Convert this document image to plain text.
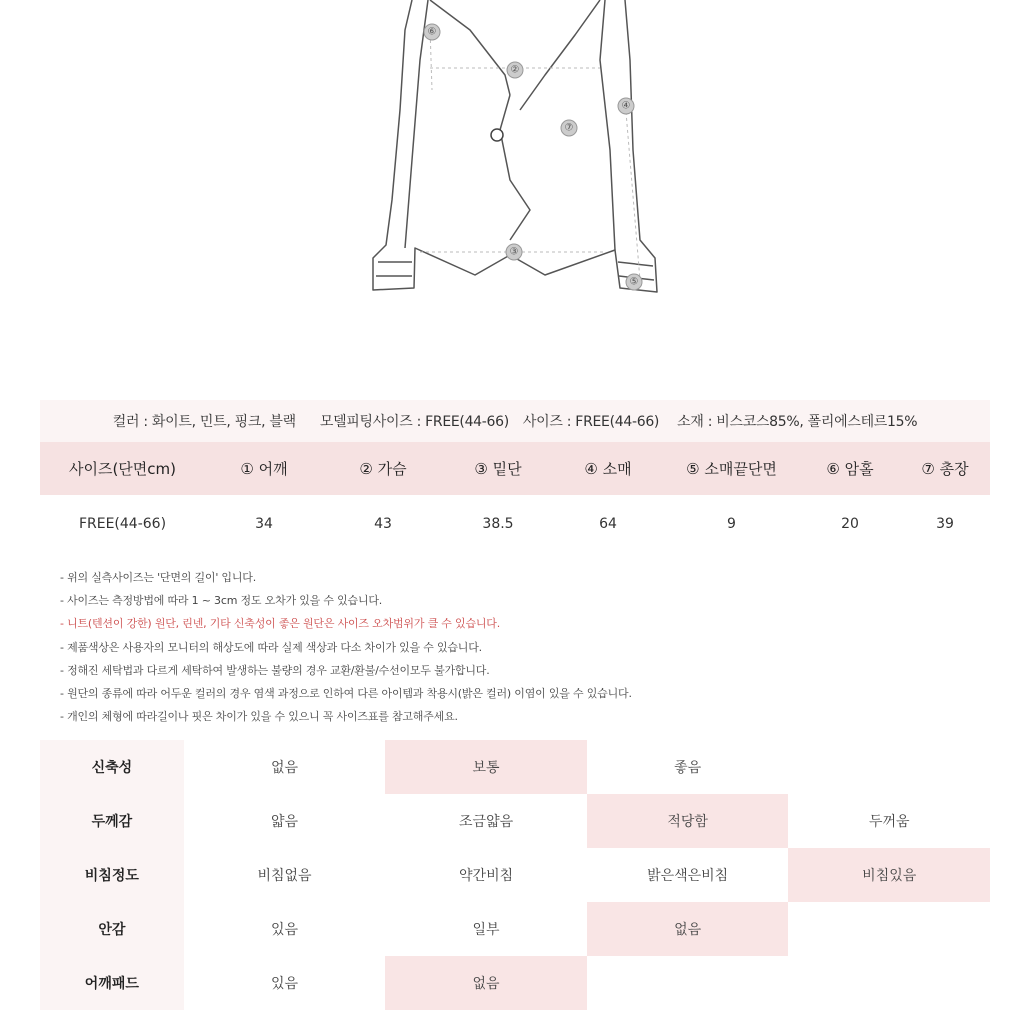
⑥
②
③
④
⑤
⑦
컬러 : 화이트, 민트, 핑크, 블랙 모델피팅사이즈 : FREE(44-66) 사이즈 : FREE(44-66) 소재 : 비스코스85%, 폴리에스테르15%
사이즈(단면cm)	① 어깨	② 가슴	③ 밑단	④ 소매	⑤ 소매끝단면	⑥ 암홀	⑦ 총장
FREE(44-66)	34	43	38.5	64	9	20	39
- 위의 실측사이즈는 '단면의 길이' 입니다.
- 사이즈는 측정방법에 따라 1 ~ 3cm 정도 오차가 있을 수 있습니다.
- 니트(텐션이 강한) 원단, 린넨, 기타 신축성이 좋은 원단은 사이즈 오차범위가 클 수 있습니다.
- 제품색상은 사용자의 모니터의 해상도에 따라 실제 색상과 다소 차이가 있을 수 있습니다.
- 정해진 세탁법과 다르게 세탁하여 발생하는 불량의 경우 교환/환불/수선이모두 불가합니다.
- 원단의 종류에 따라 어두운 컬러의 경우 염색 과정으로 인하여 다른 아이템과 착용시(밝은 컬러) 이염이 있을 수 있습니다.
- 개인의 체형에 따라길이나 핏은 차이가 있을 수 있으니 꼭 사이즈표를 참고해주세요.
신축성	없음	보통	좋음
두께감	얇음	조금얇음	적당함	두꺼움
비침정도	비침없음	약간비침	밝은색은비침	비침있음
안감	있음	일부	없음
어깨패드	있음	없음
